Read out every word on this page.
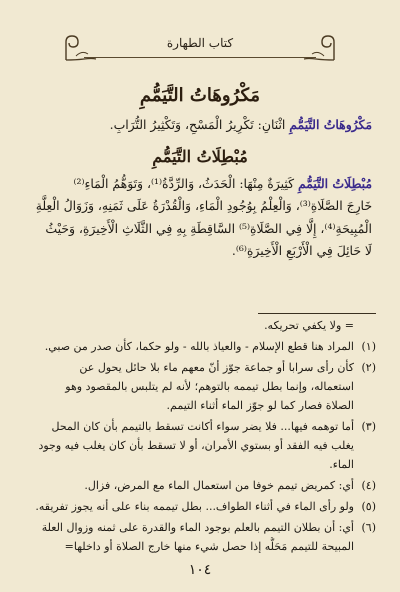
كتاب الطهارة
مَكْرُوهَاتُ التَّيَمُّمِ
مَكْرُوهَاتُ التَّيَمُّمِ اثْنَانِ: تَكْرِيرُ الْمَسْحِ، وَتَكْثِيرُ التُّرَابِ.
مُبْطِلَاتُ التَّيَمُّمِ
مُبْطِلَاتُ التَّيَمُّمِ كَثِيرَةٌ مِنْهَا: الْحَدَثُ، وَالرِّدَّةُ⁽¹⁾، وَتَوَهُّمُ الْمَاءِ⁽²⁾
خَارِجَ الصَّلَاةِ⁽³⁾، وَالْعِلْمُ بِوُجُودِ الْمَاءِ، وَالْقُدْرَةُ عَلَى ثَمَنِهِ، وَزَوَالُ الْعِلَّةِ
الْمُبِيحَةِ⁽⁴⁾، إِلَّا فِي الصَّلَاةِ⁽⁵⁾ السَّاقِطَةِ بِهِ فِي الثَّلَاثِ الْأَخِيرَةِ، وَحَيْثُ
لَا حَائِلَ فِي الْأَرْبَعِ الْأَخِيرَةِ⁽⁶⁾.
= ولا يكفي تحريكه.
(١)
المراد هنا قطع الإسلام - والعياذ بالله - ولو حكما، كأن صدر من صبي.
(٢)
كأن رأى سرابا أو جماعة جوّز أنّ معهم ماء بلا حائل يحول عن
استعماله، وإنما بطل تيممه بالتوهم؛ لأنه لم يتلبس بالمقصود وهو
الصلاة فصار كما لو جوّز الماء أثناء التيمم.
(٣)
أما توهمه فيها... فلا يضر سواء أكانت تسقط بالتيمم بأن كان المحل
يغلب فيه الفقد أو بستوي الأمران، أو لا تسقط بأن كان يغلب فيه وجود
الماء.
(٤)
أي: كمريض تيمم خوفا من استعمال الماء مع المرض، فزال.
(٥)
ولو رأى الماء في أثناء الطواف... بطل تيممه بناء على أنه يجوز تفريقه.
(٦)
أي: أن بطلان التيمم بالعلم بوجود الماء والقدرة على ثمنه وزوال العلة
المبيحة للتيمم مَحَلُّه إذا حصل شيء منها خارج الصلاة أو داخلها=
١٠٤
